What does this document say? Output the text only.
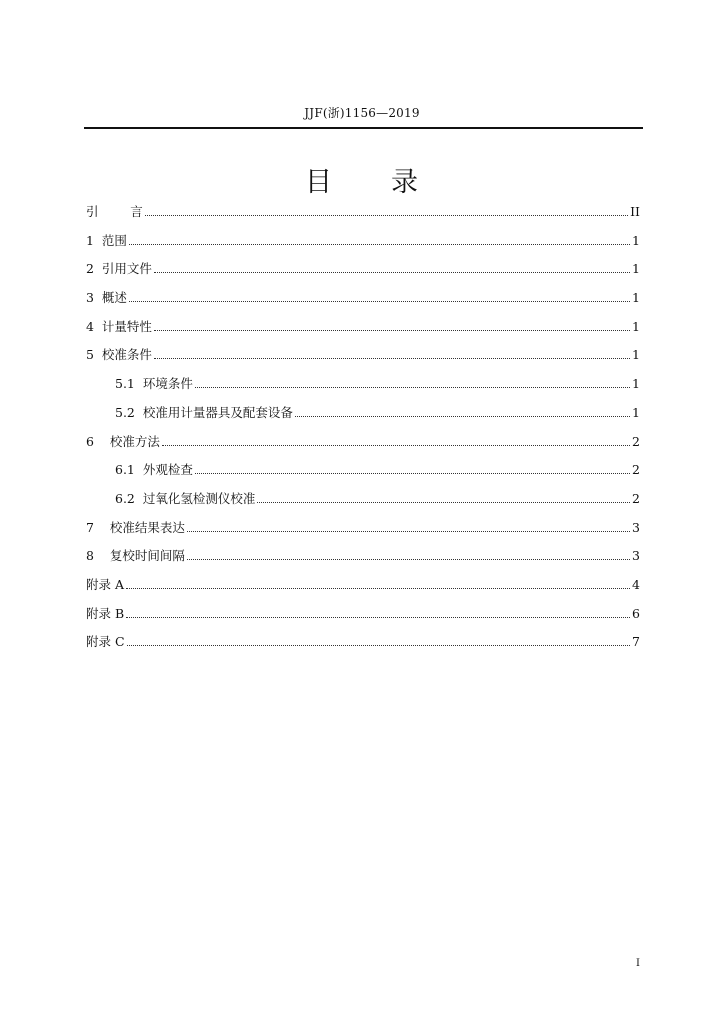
JJF(浙)1156—2019
目 录
引        言	II
1  范围	1
2  引用文件	1
3  概述	1
4  计量特性	1
5  校准条件	1
5.1  环境条件	1
5.2  校准用计量器具及配套设备	1
6    校准方法	2
6.1  外观检查	2
6.2  过氧化氢检测仪校准	2
7    校准结果表达	3
8    复校时间间隔	3
附录 A	4
附录 B	6
附录 C	7
I
